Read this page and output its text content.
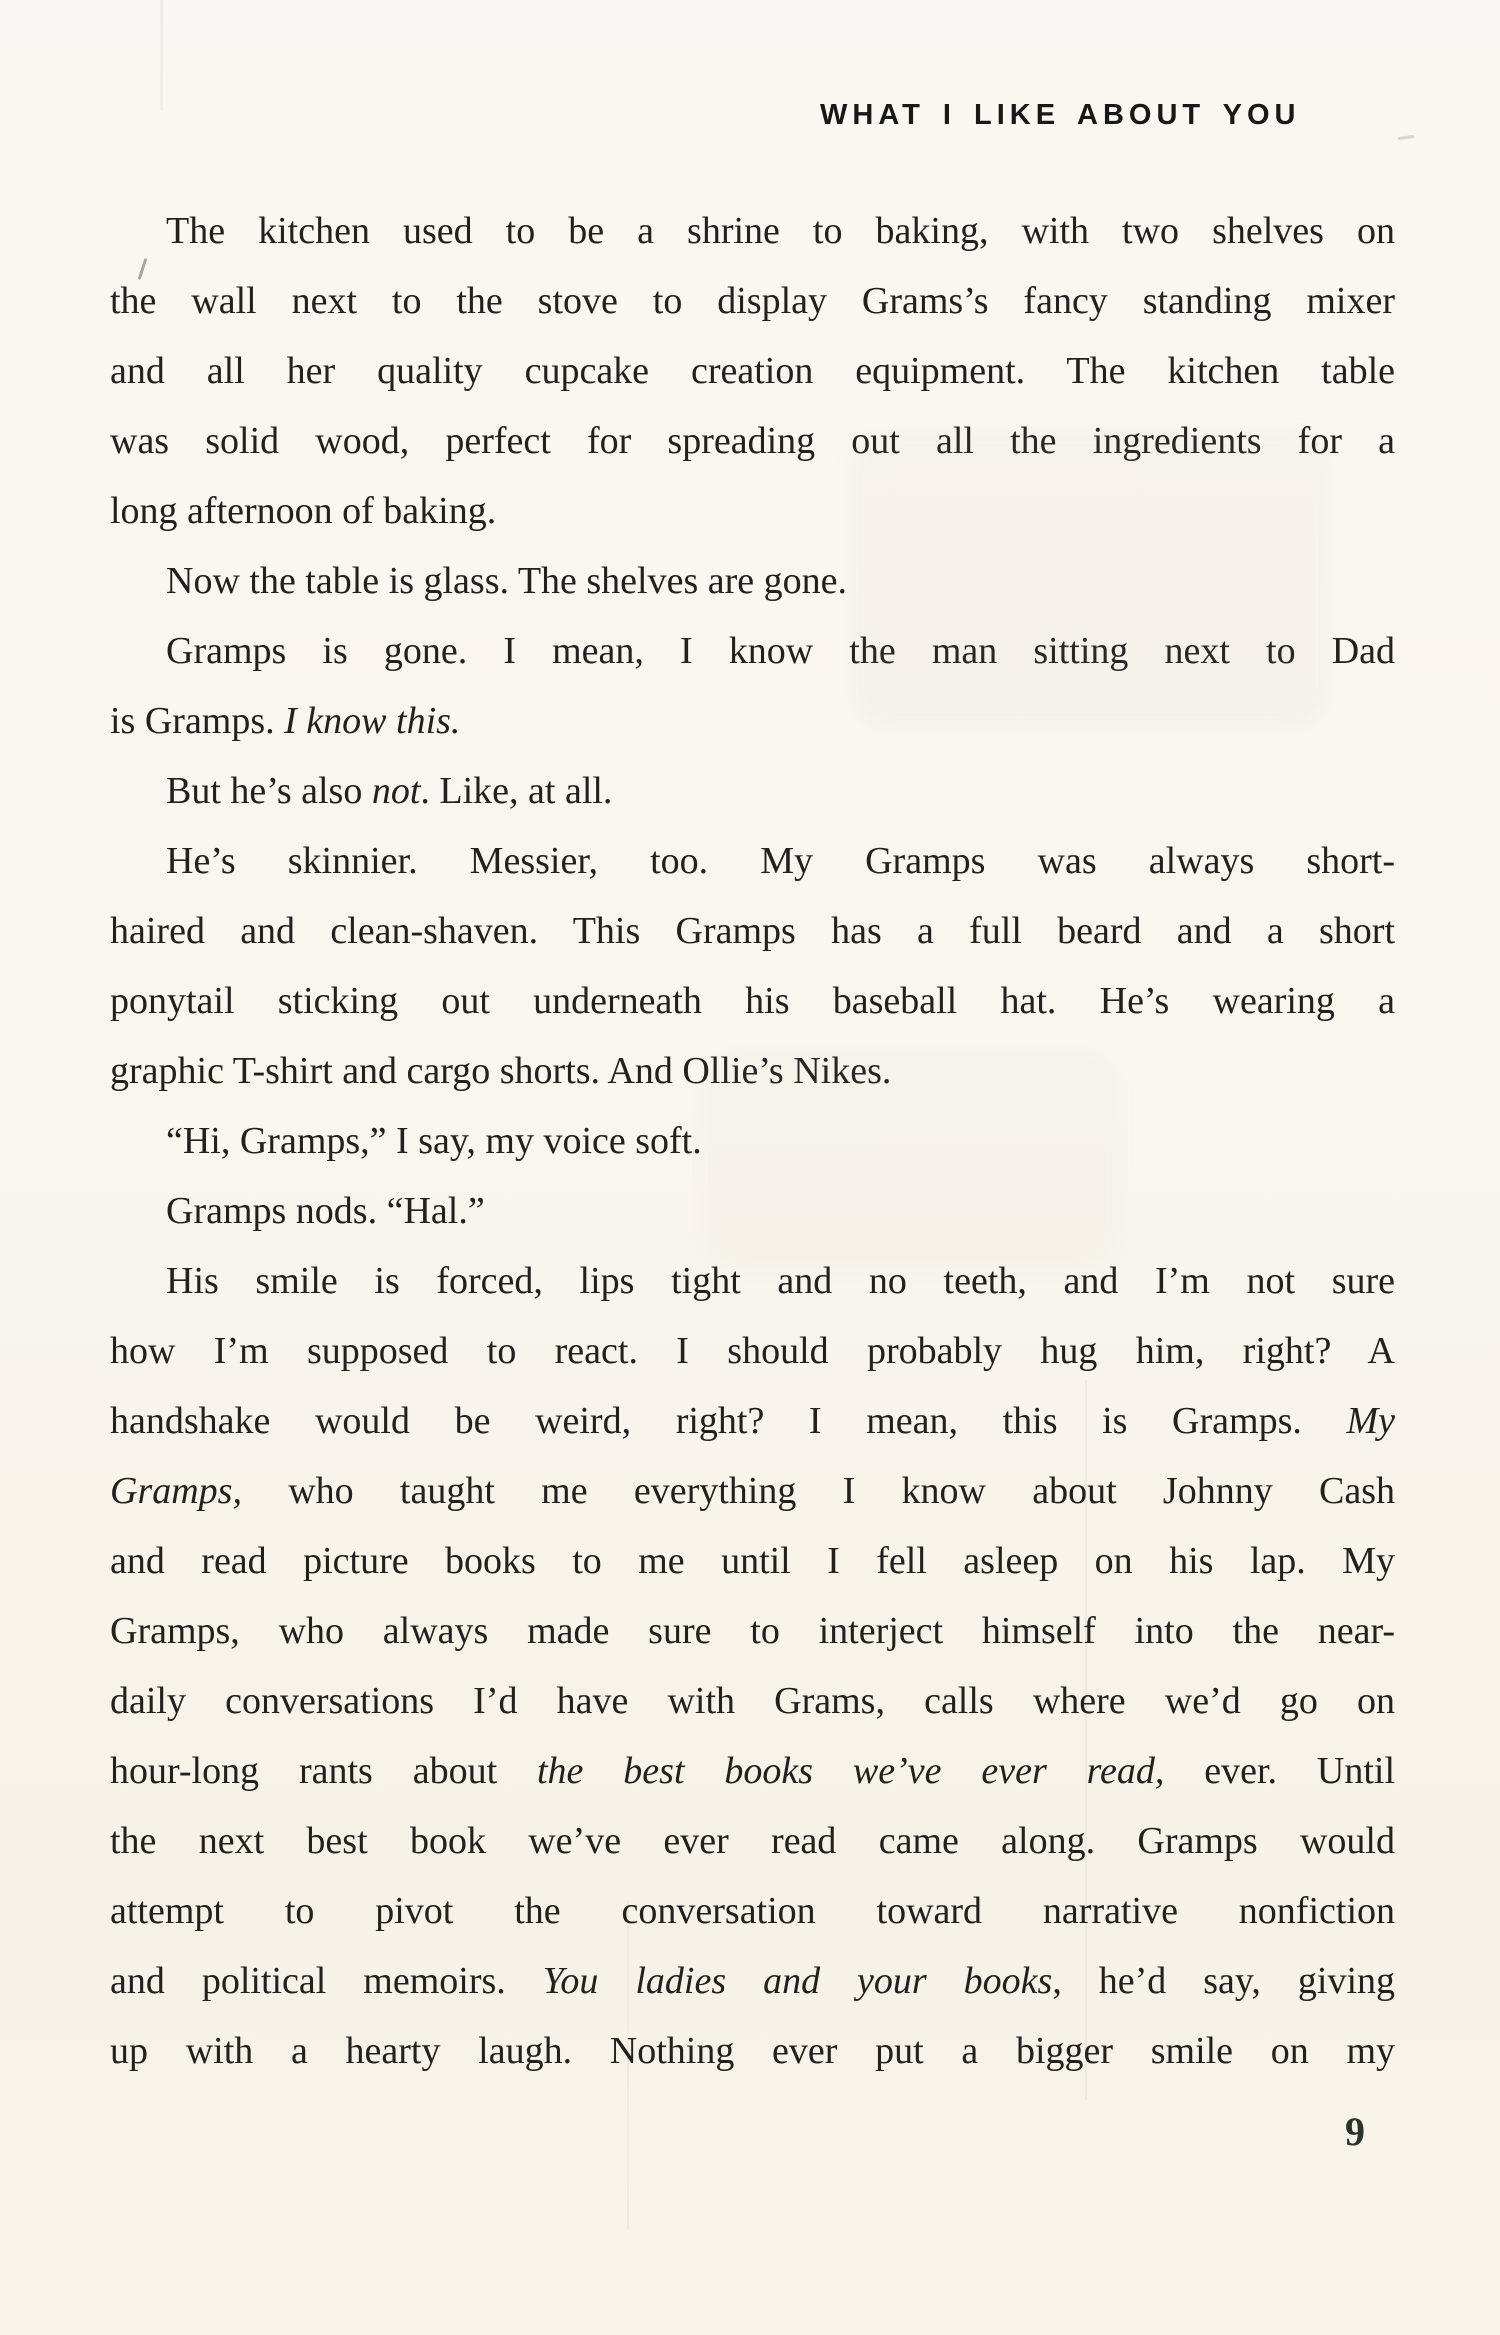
WHAT I LIKE ABOUT YOU
The kitchen used to be a shrine to baking, with two shelves on
the wall next to the stove to display Grams’s fancy standing mixer
and all her quality cupcake creation equipment. The kitchen table
was solid wood, perfect for spreading out all the ingredients for a
long afternoon of baking.
Now the table is glass. The shelves are gone.
Gramps is gone. I mean, I know the man sitting next to Dad
is Gramps. I know this.
But he’s also not. Like, at all.
He’s skinnier. Messier, too. My Gramps was always short-
haired and clean-shaven. This Gramps has a full beard and a short
ponytail sticking out underneath his baseball hat. He’s wearing a
graphic T-shirt and cargo shorts. And Ollie’s Nikes.
“Hi, Gramps,” I say, my voice soft.
Gramps nods. “Hal.”
His smile is forced, lips tight and no teeth, and I’m not sure
how I’m supposed to react. I should probably hug him, right? A
handshake would be weird, right? I mean, this is Gramps. My
Gramps, who taught me everything I know about Johnny Cash
and read picture books to me until I fell asleep on his lap. My
Gramps, who always made sure to interject himself into the near-
daily conversations I’d have with Grams, calls where we’d go on
hour-long rants about the best books we’ve ever read, ever. Until
the next best book we’ve ever read came along. Gramps would
attempt to pivot the conversation toward narrative nonfiction
and political memoirs. You ladies and your books, he’d say, giving
up with a hearty laugh. Nothing ever put a bigger smile on my
9
